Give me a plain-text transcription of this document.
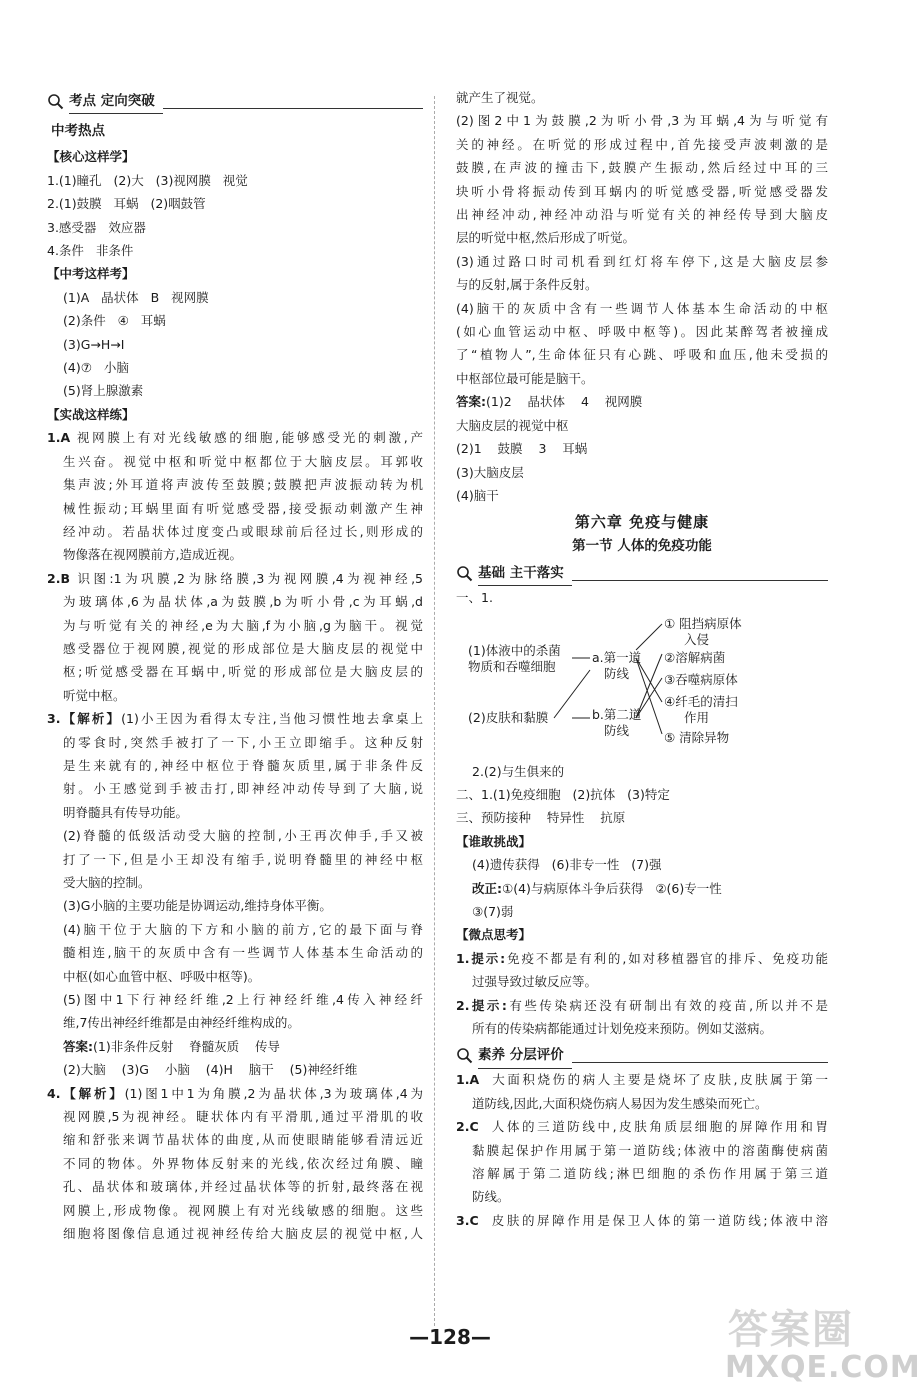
考点 定向突破
中考热点
【核心这样学】
1.(1)瞳孔   (2)大   (3)视网膜   视觉
2.(1)鼓膜   耳蜗   (2)咽鼓管
3.感受器   效应器
4.条件   非条件
【中考这样考】
(1)A   晶状体   B   视网膜
(2)条件   ④   耳蜗
(3)G→H→I
(4)⑦   小脑
(5)肾上腺激素
【实战这样练】
1.A 视网膜上有对光线敏感的细胞,能够感受光的刺激,产
生兴奋。视觉中枢和听觉中枢都位于大脑皮层。耳郭收
集声波;外耳道将声波传至鼓膜;鼓膜把声波振动转为机
械性振动;耳蜗里面有听觉感受器,接受振动刺激产生神
经冲动。若晶状体过度变凸或眼球前后径过长,则形成的
物像落在视网膜前方,造成近视。
2.B 识图:1为巩膜,2为脉络膜,3为视网膜,4为视神经,5
为玻璃体,6为晶状体,a为鼓膜,b为听小骨,c为耳蜗,d
为与听觉有关的神经,e为大脑,f为小脑,g为脑干。视觉
感受器位于视网膜,视觉的形成部位是大脑皮层的视觉中
枢;听觉感受器在耳蜗中,听觉的形成部位是大脑皮层的
听觉中枢。
3.【解析】(1)小王因为看得太专注,当他习惯性地去拿桌上
的零食时,突然手被打了一下,小王立即缩手。这种反射
是生来就有的,神经中枢位于脊髓灰质里,属于非条件反
射。小王感觉到手被击打,即神经冲动传导到了大脑,说
明脊髓具有传导功能。
(2)脊髓的低级活动受大脑的控制,小王再次伸手,手又被
打了一下,但是小王却没有缩手,说明脊髓里的神经中枢
受大脑的控制。
(3)G小脑的主要功能是协调运动,维持身体平衡。
(4)脑干位于大脑的下方和小脑的前方,它的最下面与脊
髓相连,脑干的灰质中含有一些调节人体基本生命活动的
中枢(如心血管中枢、呼吸中枢等)。
(5)图中1下行神经纤维,2上行神经纤维,4传入神经纤
维,7传出神经纤维都是由神经纤维构成的。
答案:(1)非条件反射    脊髓灰质    传导
(2)大脑    (3)G    小脑    (4)H    脑干    (5)神经纤维
4.【解析】(1)图1中1为角膜,2为晶状体,3为玻璃体,4为
视网膜,5为视神经。睫状体内有平滑肌,通过平滑肌的收
缩和舒张来调节晶状体的曲度,从而使眼睛能够看清远近
不同的物体。外界物体反射来的光线,依次经过角膜、瞳
孔、晶状体和玻璃体,并经过晶状体等的折射,最终落在视
网膜上,形成物像。视网膜上有对光线敏感的细胞。这些
细胞将图像信息通过视神经传给大脑皮层的视觉中枢,人
就产生了视觉。
(2)图2中1为鼓膜,2为听小骨,3为耳蜗,4为与听觉有
关的神经。在听觉的形成过程中,首先接受声波刺激的是
鼓膜,在声波的撞击下,鼓膜产生振动,然后经过中耳的三
块听小骨将振动传到耳蜗内的听觉感受器,听觉感受器发
出神经冲动,神经冲动沿与听觉有关的神经传导到大脑皮
层的听觉中枢,然后形成了听觉。
(3)通过路口时司机看到红灯将车停下,这是大脑皮层参
与的反射,属于条件反射。
(4)脑干的灰质中含有一些调节人体基本生命活动的中枢
(如心血管运动中枢、呼吸中枢等)。因此某醉驾者被撞成
了“植物人”,生命体征只有心跳、呼吸和血压,他未受损的
中枢部位最可能是脑干。
答案:(1)2    晶状体    4    视网膜
大脑皮层的视觉中枢
(2)1    鼓膜    3    耳蜗
(3)大脑皮层
(4)脑干
第六章 免疫与健康
第一节 人体的免疫功能
基础 主干落实
一、1.
(1)体液中的杀菌
物质和吞噬细胞
(2)皮肤和黏膜
a.第一道
防线
b.第二道
防线
① 阻挡病原体
入侵
②溶解病菌
③吞噬病原体
④纤毛的清扫
作用
⑤ 清除异物
2.(2)与生俱来的
二、1.(1)免疫细胞   (2)抗体   (3)特定
三、预防接种    特异性    抗原
【谁敢挑战】
(4)遗传获得   (6)非专一性   (7)强
改正:①(4)与病原体斗争后获得   ②(6)专一性
③(7)弱
【微点思考】
1.提示:免疫不都是有利的,如对移植器官的排斥、免疫功能
过强导致过敏反应等。
2.提示:有些传染病还没有研制出有效的疫苗,所以并不是
所有的传染病都能通过计划免疫来预防。例如艾滋病。
素养 分层评价
1.A 大面积烧伤的病人主要是烧坏了皮肤,皮肤属于第一
道防线,因此,大面积烧伤病人易因为发生感染而死亡。
2.C 人体的三道防线中,皮肤角质层细胞的屏障作用和胃
黏膜起保护作用属于第一道防线;体液中的溶菌酶使病菌
溶解属于第二道防线;淋巴细胞的杀伤作用属于第三道
防线。
3.C 皮肤的屏障作用是保卫人体的第一道防线;体液中溶
—128—	答案圈
MXQE.COM
